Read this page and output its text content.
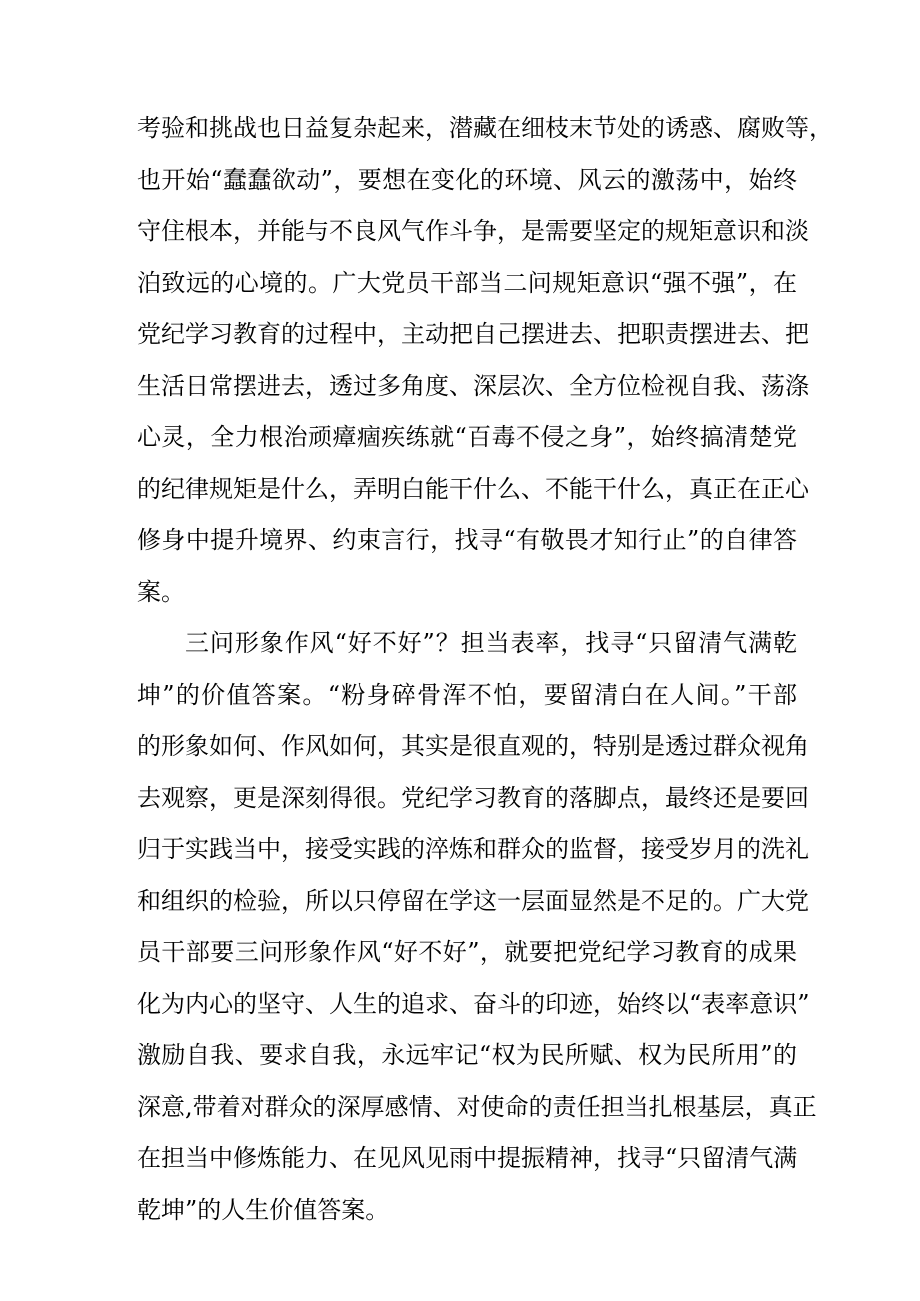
考验和挑战也日益复杂起来，潜藏在细枝末节处的诱惑、腐败等，
也开始“蠢蠢欲动”，要想在变化的环境、风云的激荡中，始终
守住根本，并能与不良风气作斗争，是需要坚定的规矩意识和淡
泊致远的心境的。广大党员干部当二问规矩意识“强不强”，在
党纪学习教育的过程中，主动把自己摆进去、把职责摆进去、把
生活日常摆进去，透过多角度、深层次、全方位检视自我、荡涤
心灵，全力根治顽瘴痼疾练就“百毒不侵之身”，始终搞清楚党
的纪律规矩是什么，弄明白能干什么、不能干什么，真正在正心
修身中提升境界、约束言行，找寻“有敬畏才知行止”的自律答
案。
三问形象作风“好不好”？担当表率，找寻“只留清气满乾
坤”的价值答案。“粉身碎骨浑不怕，要留清白在人间。”干部
的形象如何、作风如何，其实是很直观的，特别是透过群众视角
去观察，更是深刻得很。党纪学习教育的落脚点，最终还是要回
归于实践当中，接受实践的淬炼和群众的监督，接受岁月的洗礼
和组织的检验，所以只停留在学这一层面显然是不足的。广大党
员干部要三问形象作风“好不好”，就要把党纪学习教育的成果
化为内心的坚守、人生的追求、奋斗的印迹，始终以“表率意识”
激励自我、要求自我，永远牢记“权为民所赋、权为民所用”的
深意,带着对群众的深厚感情、对使命的责任担当扎根基层，真正
在担当中修炼能力、在见风见雨中提振精神，找寻“只留清气满
乾坤”的人生价值答案。
